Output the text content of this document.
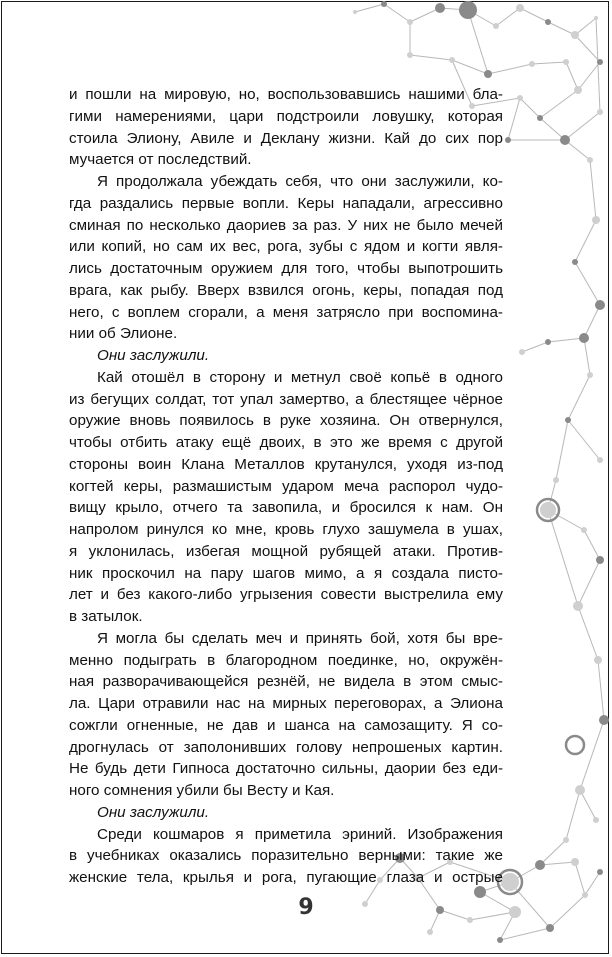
и пошли на мировую, но, воспользовавшись нашими бла-
гими намерениями, цари подстроили ловушку, которая
стоила Элиону, Авиле и Деклану жизни. Кай до сих пор
мучается от последствий.
Я продолжала убеждать себя, что они заслужили, ко-
гда раздались первые вопли. Керы нападали, агрессивно
сминая по несколько даориев за раз. У них не было мечей
или копий, но сам их вес, рога, зубы с ядом и когти явля-
лись достаточным оружием для того, чтобы выпотрошить
врага, как рыбу. Вверх взвился огонь, керы, попадая под
него, с воплем сгорали, а меня затрясло при воспомина-
нии об Элионе.
Они заслужили.
Кай отошёл в сторону и метнул своё копьё в одного
из бегущих солдат, тот упал замертво, а блестящее чёрное
оружие вновь появилось в руке хозяина. Он отвернулся,
чтобы отбить атаку ещё двоих, в это же время с другой
стороны воин Клана Металлов крутанулся, уходя из-под
когтей керы, размашистым ударом меча распорол чудо-
вищу крыло, отчего та завопила, и бросился к нам. Он
напролом ринулся ко мне, кровь глухо зашумела в ушах,
я уклонилась, избегая мощной рубящей атаки. Против-
ник проскочил на пару шагов мимо, а я создала писто-
лет и без какого-либо угрызения совести выстрелила ему
в затылок.
Я могла бы сделать меч и принять бой, хотя бы вре-
менно подыграть в благородном поединке, но, окружён-
ная разворачивающейся резнёй, не видела в этом смыс-
ла. Цари отравили нас на мирных переговорах, а Элиона
сожгли огненные, не дав и шанса на самозащиту. Я со-
дрогнулась от заполонивших голову непрошеных картин.
Не будь дети Гипноса достаточно сильны, даории без еди-
ного сомнения убили бы Весту и Кая.
Они заслужили.
Среди кошмаров я приметила эриний. Изображения
в учебниках оказались поразительно верными: такие же
женские тела, крылья и рога, пугающие глаза и острые
9
